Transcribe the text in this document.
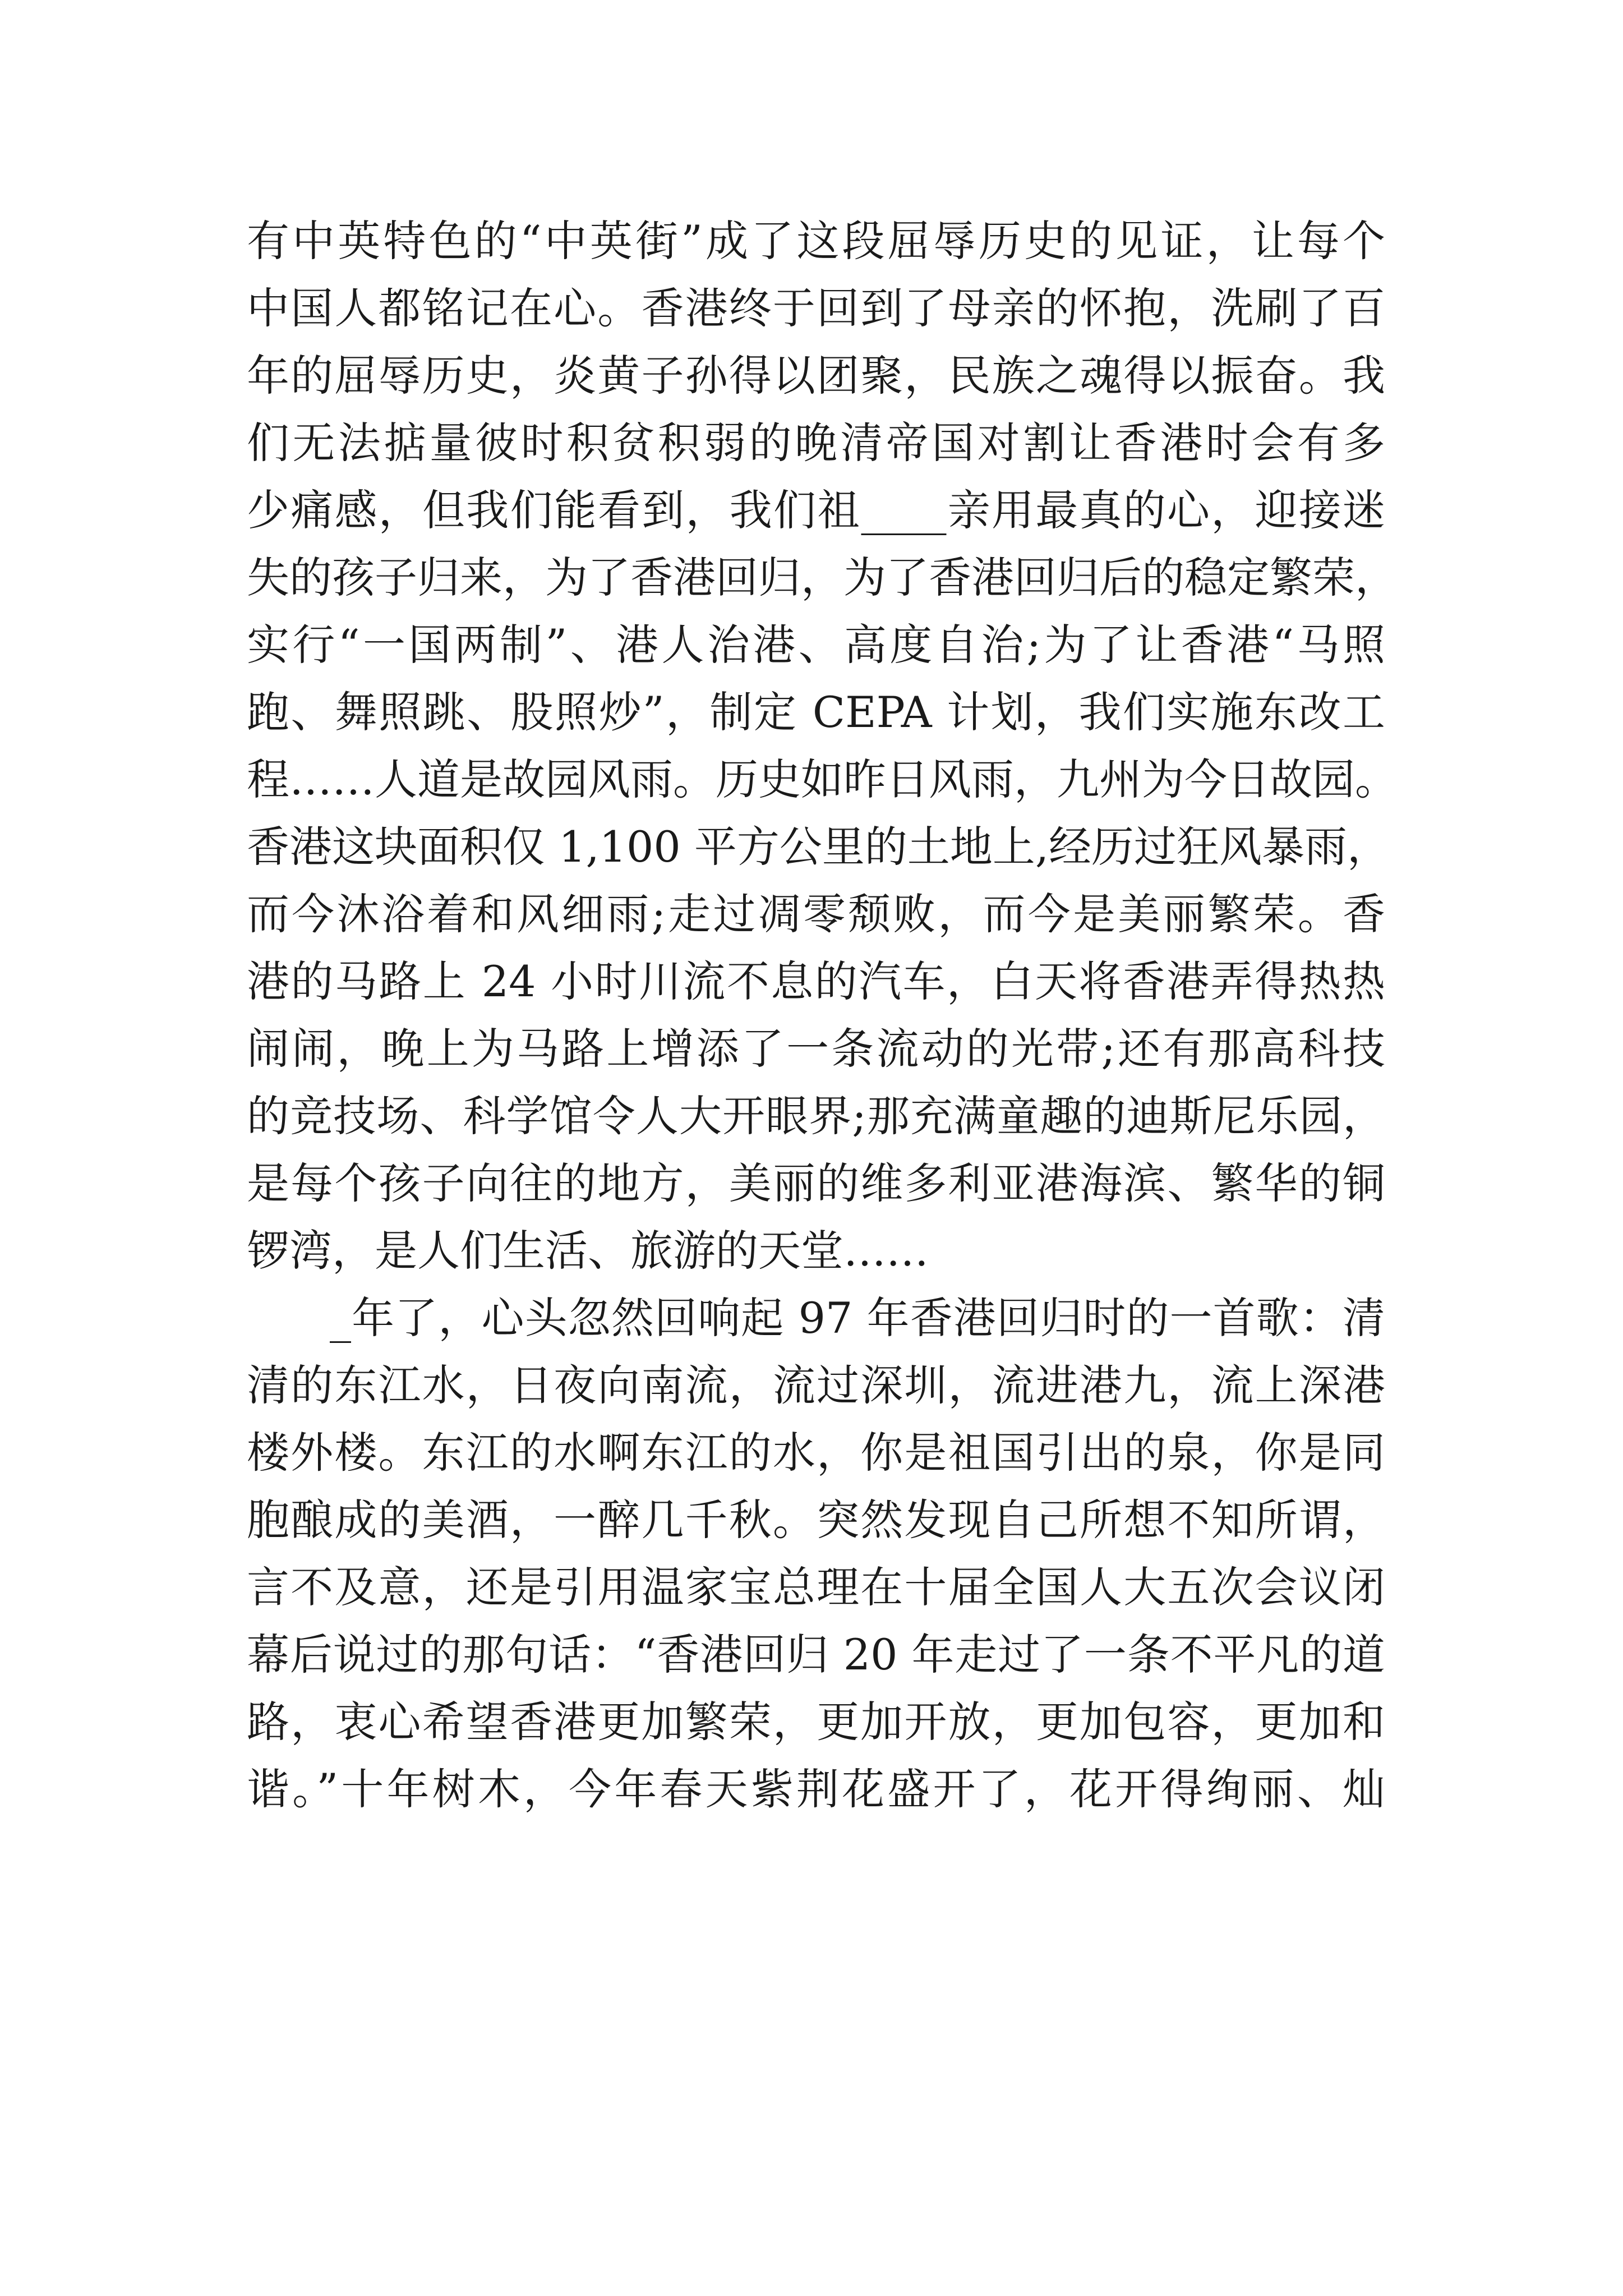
有中英特色的“中英街”成了这段屈辱历史的见证，让每个
中国人都铭记在心。香港终于回到了母亲的怀抱，洗刷了百
年的屈辱历史，炎黄子孙得以团聚，民族之魂得以振奋。我
们无法掂量彼时积贫积弱的晚清帝国对割让香港时会有多
少痛感，但我们能看到，我们祖____亲用最真的心，迎接迷
失的孩子归来，为了香港回归，为了香港回归后的稳定繁荣，
实行“一国两制”、港人治港、高度自治;为了让香港“马照
跑、舞照跳、股照炒”，制定 CEPA 计划，我们实施东改工
程……人道是故园风雨。历史如昨日风雨，九州为今日故园。
香港这块面积仅 1,100 平方公里的土地上,经历过狂风暴雨，
而今沐浴着和风细雨;走过凋零颓败，而今是美丽繁荣。香
港的马路上 24 小时川流不息的汽车，白天将香港弄得热热
闹闹，晚上为马路上增添了一条流动的光带;还有那高科技
的竞技场、科学馆令人大开眼界;那充满童趣的迪斯尼乐园，
是每个孩子向往的地方，美丽的维多利亚港海滨、繁华的铜
锣湾，是人们生活、旅游的天堂……
_年了，心头忽然回响起 97 年香港回归时的一首歌：清
清的东江水，日夜向南流，流过深圳，流进港九，流上深港
楼外楼。东江的水啊东江的水，你是祖国引出的泉，你是同
胞酿成的美酒，一醉几千秋。突然发现自己所想不知所谓，
言不及意，还是引用温家宝总理在十届全国人大五次会议闭
幕后说过的那句话：“香港回归 20 年走过了一条不平凡的道
路，衷心希望香港更加繁荣，更加开放，更加包容，更加和
谐。”十年树木，今年春天紫荆花盛开了，花开得绚丽、灿
